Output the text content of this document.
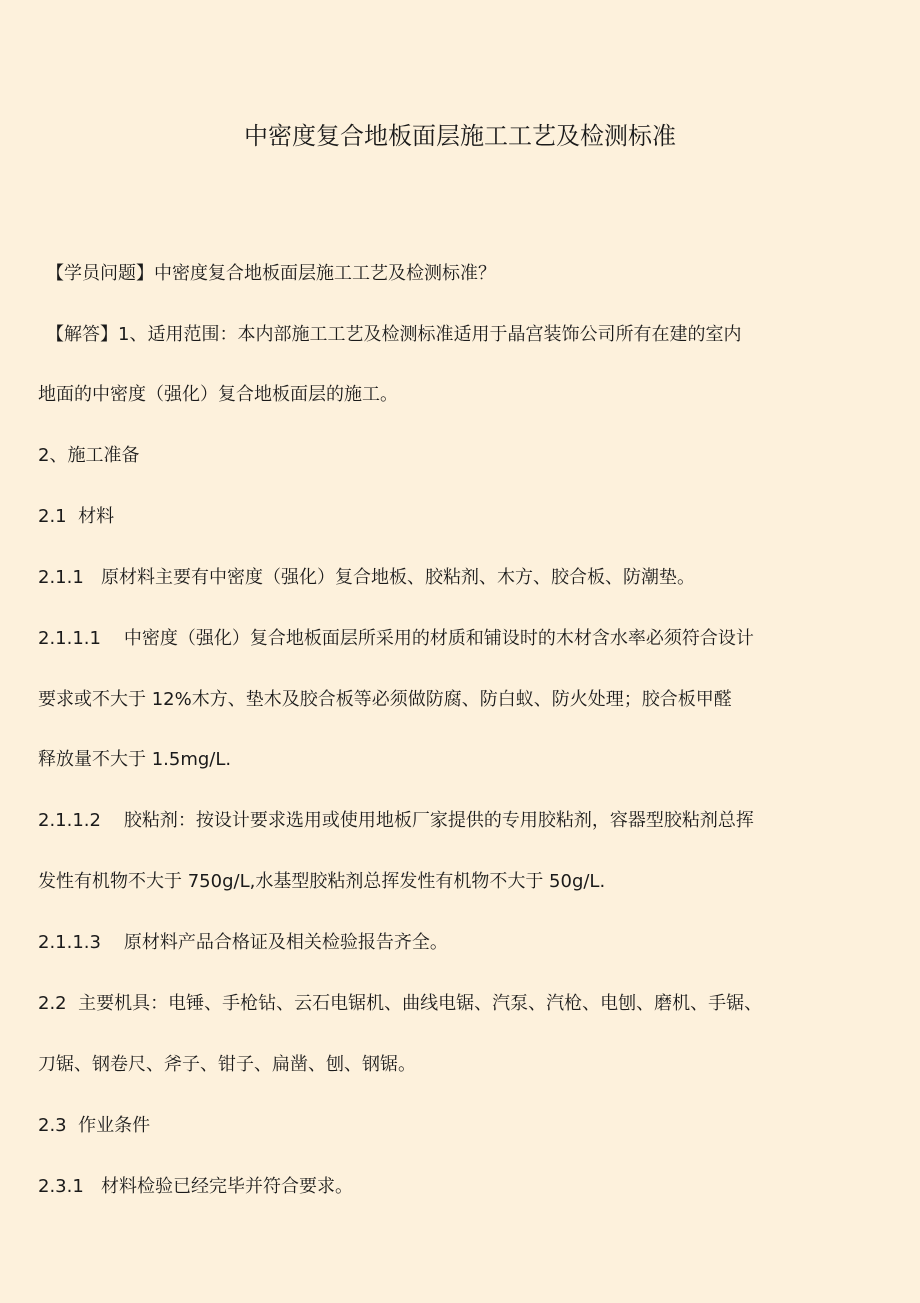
中密度复合地板面层施工工艺及检测标准
【学员问题】中密度复合地板面层施工工艺及检测标准？
【解答】1、适用范围：本内部施工工艺及检测标准适用于晶宫装饰公司所有在建的室内
地面的中密度（强化）复合地板面层的施工。
2、施工准备
2.1  材料
2.1.1   原材料主要有中密度（强化）复合地板、胶粘剂、木方、胶合板、防潮垫。
2.1.1.1    中密度（强化）复合地板面层所采用的材质和铺设时的木材含水率必须符合设计
要求或不大于 12%木方、垫木及胶合板等必须做防腐、防白蚁、防火处理；胶合板甲醛
释放量不大于 1.5mg/L.
2.1.1.2    胶粘剂：按设计要求选用或使用地板厂家提供的专用胶粘剂，容器型胶粘剂总挥
发性有机物不大于 750g/L,水基型胶粘剂总挥发性有机物不大于 50g/L.
2.1.1.3    原材料产品合格证及相关检验报告齐全。
2.2  主要机具：电锤、手枪钻、云石电锯机、曲线电锯、汽泵、汽枪、电刨、磨机、手锯、
刀锯、钢卷尺、斧子、钳子、扁凿、刨、钢锯。
2.3  作业条件
2.3.1   材料检验已经完毕并符合要求。
